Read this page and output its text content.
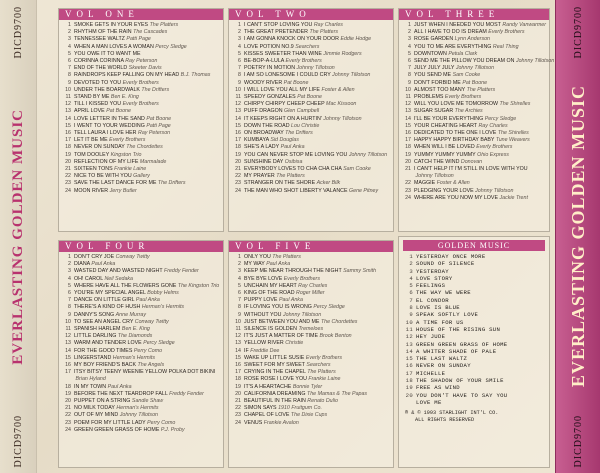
DICD9700
EVERLASTING GOLDEN MUSIC
DICD9700
DICD9700
EVERLASTING GOLDEN MUSIC
DICD9700
VOL ONE
1 SMOKE GETS IN YOUR EYES The Platters
2 RHYTHM OF THE RAIN The Cascades
3 TENNESSEE WALTZ Patti Page
4 WHEN A MAN LOVES A WOMAN Percy Sledge
5 YOU OWE IT TO WANT ME
6 CORINNA CORINNA Ray Peterson
7 END OF THE WORLD Skeeter Davis
8 RAINDROPS KEEP FALLING ON MY HEAD B.J. Thomas
9 DEVOTED TO YOU Everly Brothers
10 UNDER THE BOARDWALK The Drifters
11 STAND BY ME Ben E. King
12 TILL I KISSED YOU Everly Brothers
13 APRIL LOVE Pat Boone
14 LOVE LETTER IN THE SAND Pat Boone
15 I WENT TO YOUR WEDDING Patti Page
16 TELL LAURA I LOVE HER Ray Peterson
17 LET IT BE ME Everly Brothers
18 NEVER ON SUNDAY The Chordettes
19 TOM DOOLEY Kingston Trio
20 REFLECTION OF MY LIFE Marmalade
21 SIXTEEN TONS Frankie Laine
22 NICE TO BE WITH YOU Gallery
23 SAVE THE LAST DANCE FOR ME The Drifters
24 MOON RIVER Jerry Butler
VOL TWO
1 I CAN'T STOP LOVING YOU Ray Charles
2 THE GREAT PRETENDER The Platters
3 I AM GONNA KNOCK ON YOUR DOOR Eddie Hodge
4 LOVE POTION NO.9 Searchers
5 KISSES SWEETER THAN WINE Jimmie Rodgers
6 BE-BOP-A-LULA Everly Brothers
7 POETRY IN MOTION Johnny Tillotson
8 I AM SO LONESOME I COULD CRY Johnny Tillotson
9 WOODY RIVER Pat Boone
10 I WILL LOVE YOU ALL MY LIFE Foster & Allen
11 SPEEDY GONZALES Pat Boone
12 CHIRPY CHIRPY CHEEP CHEEP Mac Kissoon
13 PUFF DRAGON Glen Campbell
14 IT KEEPS RIGHT ON A HURTIN' Johnny Tillotson
15 DOWN THE ROAD Lou Christie
16 ON BROADWAY The Drifters
17 KUMBAYA Sid Douglas
18 SHE'S A LADY Paul Anka
19 YOU CAN NEVER STOP ME LOVING YOU Johnny Tillotson
20 SUNSHINE DAY Osibisa
21 EVERYBODY LOVES TO CHA CHA CHA Sam Cooke
22 MY PRAYER The Platters
23 STRANGER ON THE SHORE Acker Bilk
24 THE MAN WHO SHOT LIBERTY VALANCE Gene Pitney
VOL THREE
1 JUST WHEN I NEEDED YOU MOST Randy Vanwarmer
2 ALL I HAVE TO DO IS DREAM Everly Brothers
3 ROSE GARDEN Lynn Anderson
4 YOU TO ME ARE EVERYTHING Real Thing
5 DOWNTOWN Petula Clark
6 SEND ME THE PILLOW YOU DREAM ON Johnny Tillotson
7 JULY JULY JULY Johnny Tillotson
8 YOU SEND ME Sam Cooke
9 DON'T FORBID ME Pat Boone
10 ALMOST TOO MANY The Platters
11 PROBLEMS Everly Brothers
12 WILL YOU LOVE ME TOMORROW The Shirelles
13 SUGAR SUGAR The Archies
14 I'LL BE YOUR EVERYTHING Percy Sledge
15 YOUR CHEATING HEART Ray Charles
16 DEDICATED TO THE ONE I LOVE The Shirelles
17 HAPPY HAPPY BIRTHDAY BABY Tune Weavers
18 WHEN WILL I BE LOVED Everly Brothers
19 YUMMY YUMMY YUMMY Ohio Express
20 CATCH THE WIND Donovan
21 I CAN'T HELP IT I'M STILL IN LOVE WITH YOU
Johnny Tillotson
22 MAGGIE Foster & Allen
23 PLEDGING YOUR LOVE Johnny Tillotson
24 WHERE ARE YOU NOW MY LOVE Jackie Trent
VOL FOUR
1 DON'T CRY JOE Conway Twitty
2 DIANA Paul Anka
3 WASTED DAY AND WASTED NIGHT Freddy Fender
4 OH! CAROL Neil Sedaka
5 WHERE HAVE ALL THE FLOWERS GONE The Kingston Trio
6 YOU'RE MY SPECIAL ANGEL Bobby Helms
7 DANCE ON LITTLE GIRL Paul Anka
8 THERE'S A KIND OF HUSH Herman's Hermits
9 DANNY'S SONG Anne Murray
10 TO SEE AN ANGEL CRY Conway Twitty
11 SPANISH HARLEM Ben E. King
12 LITTLE DARLING The Diamonds
13 WARM AND TENDER LOVE Percy Sledge
14 FOR THE GOOD TIMES Perry Como
15 LINGERSTAND Herman's Hermits
16 MY BOY FRIEND'S BACK The Angels
17 ITSY BITSY TEENY WEENIE YELLOW POLKA DOT BIKINI
Brian Hyland
18 IN MY TOWN Paul Anka
19 BEFORE THE NEXT TEARDROP FALL Freddy Fender
20 PUPPET ON A STRING Sandie Shaw
21 NO MILK TODAY Herman's Hermits
22 OUT OF MY MIND Johnny Tillotson
23 POEM FOR MY LITTLE LADY Perry Como
24 GREEN GREEN GRASS OF HOME P.J. Proby
VOL FIVE
1 ONLY YOU The Platters
2 MY WAY Paul Anka
3 KEEP ME NEAR THROUGH THE NIGHT Sammy Smith
4 BYE BYE LOVE Everly Brothers
5 UNCHAIN MY HEART Ray Charles
6 KING OF THE ROAD Roger Miller
7 PUPPY LOVE Paul Anka
8 IF LOVING YOU IS WRONG Percy Sledge
9 WITHOUT YOU Johnny Tillotson
10 JUST BETWEEN YOU AND ME The Chordettes
11 SILENCE IS GOLDEN Tremeloes
12 IT'S JUST A MATTER OF TIME Brook Benton
13 YELLOW RIVER Christie
14 IF Freddie Dee
15 WAKE UP LITTLE SUSIE Everly Brothers
16 SWEET FOR MY SWEET Searchers
17 CRYING IN THE CHAPEL The Platters
18 ROSE ROSE I LOVE YOU Frankie Laine
19 IT'S A HEARTACHE Bonnie Tyler
20 CALIFORNIA DREAMING The Mamas & The Papas
21 BEAUTIFUL IN THE RAIN Renato Dulio
22 SIMON SAYS 1910 Fruitgum Co.
23 CHAPEL OF LOVE The Dixie Cups
24 VENUS Frankie Avalon
GOLDEN MUSIC
1 YESTERDAY ONCE MORE
2 SOUND OF SILENCE
3 YESTERDAY
4 LOVE STORY
5 FEELINGS
6 THE WAY WE WERE
7 EL CONDOR
8 LOVE IS BLUE
9 SPEAK SOFTLY LOVE
10 A TIME FOR US
11 HOUSE OF THE RISING SUN
12 HEY JUDE
13 GREEN GREEN GRASS OF HOME
14 A WHITER SHADE OF PALE
15 THE LAST WALTZ
16 NEVER ON SUNDAY
17 MICHELLE
18 THE SHADOW OF YOUR SMILE
19 FREE AS WIND
20 YOU DON'T HAVE TO SAY YOU
LOVE ME
® & © 1993 STARLIGHT INT'L CO.
ALL RIGHTS RESERVED
